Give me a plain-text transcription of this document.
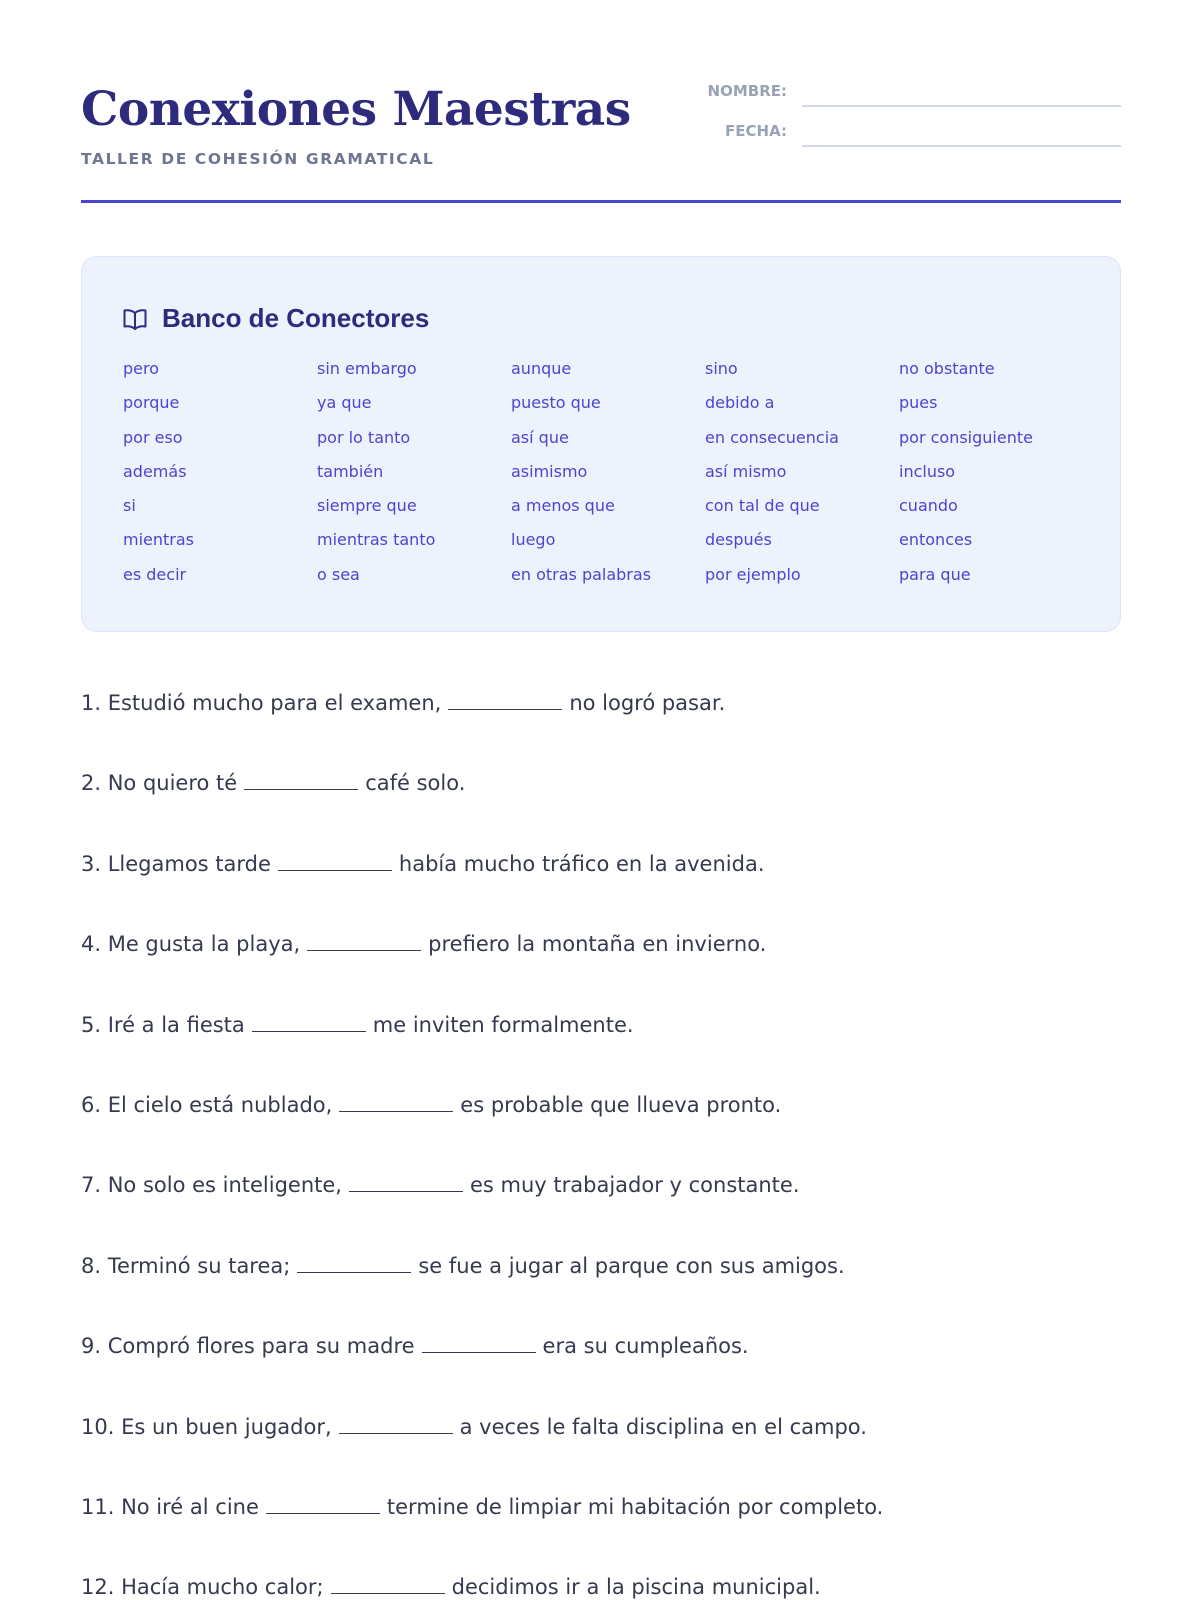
Conexiones Maestras
TALLER DE COHESIÓN GRAMATICAL
NOMBRE:
FECHA:
Banco de Conectores
pero	sin embargo	aunque	sino	no obstante
porque	ya que	puesto que	debido a	pues
por eso	por lo tanto	así que	en consecuencia	por consiguiente
además	también	asimismo	así mismo	incluso
si	siempre que	a menos que	con tal de que	cuando
mientras	mientras tanto	luego	después	entonces
es decir	o sea	en otras palabras	por ejemplo	para que
1. Estudió mucho para el examen,	no logró pasar.
2. No quiero té	café solo.
3. Llegamos tarde	había mucho tráfico en la avenida.
4. Me gusta la playa,	prefiero la montaña en invierno.
5. Iré a la fiesta	me inviten formalmente.
6. El cielo está nublado,	es probable que llueva pronto.
7. No solo es inteligente,	es muy trabajador y constante.
8. Terminó su tarea;	se fue a jugar al parque con sus amigos.
9. Compró flores para su madre	era su cumpleaños.
10. Es un buen jugador,	a veces le falta disciplina en el campo.
11. No iré al cine	termine de limpiar mi habitación por completo.
12. Hacía mucho calor;	decidimos ir a la piscina municipal.
